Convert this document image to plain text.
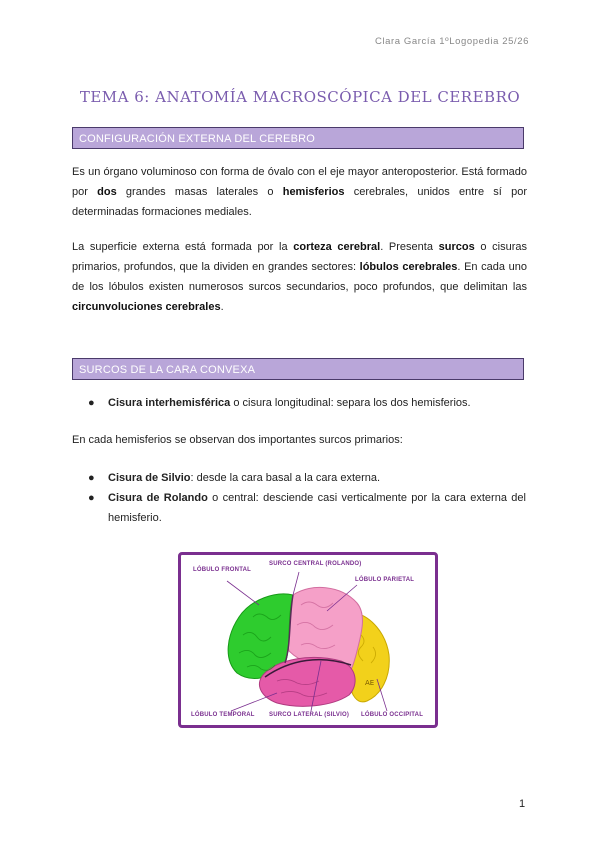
Clara García 1ºLogopedia 25/26
TEMA 6: ANATOMÍA MACROSCÓPICA DEL CEREBRO
CONFIGURACIÓN EXTERNA DEL CEREBRO
Es un órgano voluminoso con forma de óvalo con el eje mayor anteroposterior. Está formado por dos grandes masas laterales o hemisferios cerebrales, unidos entre sí por determinadas formaciones mediales.
La superficie externa está formada por la corteza cerebral. Presenta surcos o cisuras primarios, profundos, que la dividen en grandes sectores: lóbulos cerebrales. En cada uno de los lóbulos existen numerosos surcos secundarios, poco profundos, que delimitan las circunvoluciones cerebrales.
SURCOS DE LA CARA CONVEXA
● Cisura interhemisférica o cisura longitudinal: separa los dos hemisferios.
En cada hemisferios se observan dos importantes surcos primarios:
● Cisura de Silvio: desde la cara basal a la cara externa.
● Cisura de Rolando o central: desciende casi verticalmente por la cara externa del hemisferio.
AE
LÓBULO FRONTAL
SURCO CENTRAL (ROLANDO)
LÓBULO PARIETAL
LÓBULO TEMPORAL SURCO LATERAL (SILVIO) LÓBULO OCCIPITAL
1
